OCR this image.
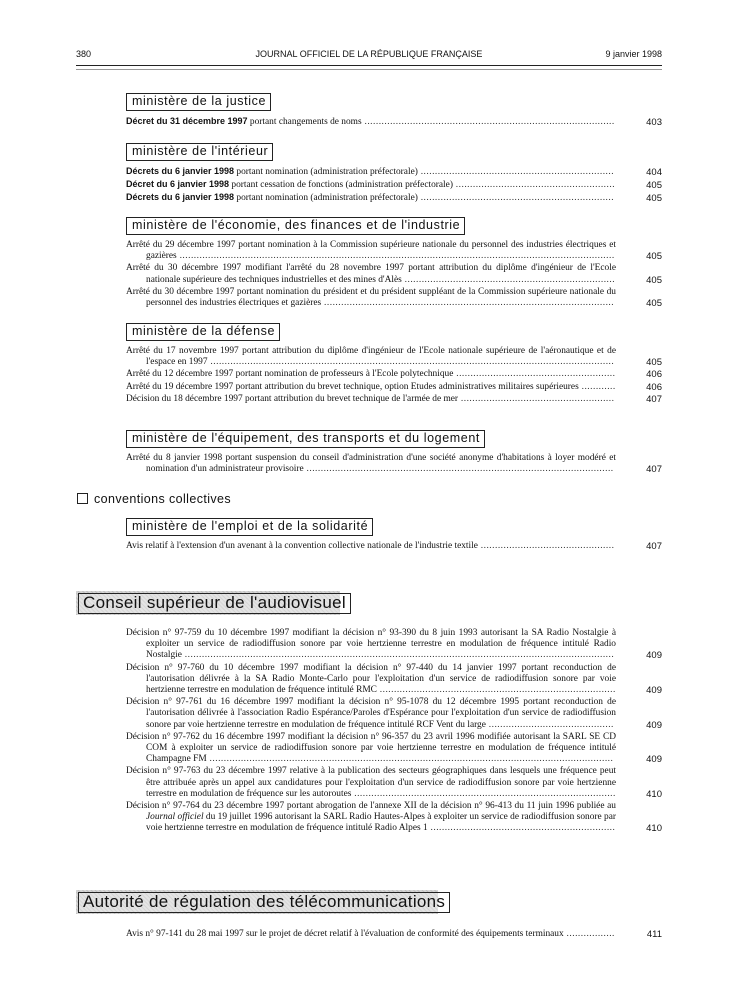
380	JOURNAL OFFICIEL DE LA RÉPUBLIQUE FRANÇAISE	9 janvier 1998
ministère de la justice
Décret du 31 décembre 1997 portant changements de noms ........................................................................................	403
ministère de l'intérieur
Décrets du 6 janvier 1998 portant nomination (administration préfectorale) ....................................................................	404
Décret du 6 janvier 1998 portant cessation de fonctions (administration préfectorale) ........................................................	405
Décrets du 6 janvier 1998 portant nomination (administration préfectorale) ....................................................................	405
ministère de l'économie, des finances et de l'industrie
Arrêté du 29 décembre 1997 portant nomination à la Commission supérieure nationale du personnel des industries électriques et gazières .........................................................................................................................................................	405
Arrêté du 30 décembre 1997 modifiant l'arrêté du 28 novembre 1997 portant attribution du diplôme d'ingénieur de l'Ecole nationale supérieure des techniques industrielles et des mines d'Alès ..........................................................................	405
Arrêté du 30 décembre 1997 portant nomination du président et du président suppléant de la Commission supérieure nationale du personnel des industries électriques et gazières ......................................................................................................	405
ministère de la défense
Arrêté du 17 novembre 1997 portant attribution du diplôme d'ingénieur de l'Ecole nationale supérieure de l'aéronautique et de l'espace en 1997 ..............................................................................................................................................	405
Arrêté du 12 décembre 1997 portant nomination de professeurs à l'Ecole polytechnique ........................................................	406
Arrêté du 19 décembre 1997 portant attribution du brevet technique, option Etudes administratives militaires supérieures ............	406
Décision du 18 décembre 1997 portant attribution du brevet technique de l'armée de mer ......................................................	407
ministère de l'équipement, des transports et du logement
Arrêté du 8 janvier 1998 portant suspension du conseil d'administration d'une société anonyme d'habitations à loyer modéré et nomination d'un administrateur provisoire ............................................................................................................	407
conventions collectives
ministère de l'emploi et de la solidarité
Avis relatif à l'extension d'un avenant à la convention collective nationale de l'industrie textile ...............................................	407
Conseil supérieur de l'audiovisuel
Décision n° 97-759 du 10 décembre 1997 modifiant la décision n° 93-390 du 8 juin 1993 autorisant la SA Radio Nostalgie à exploiter un service de radiodiffusion sonore par voie hertzienne terrestre en modulation de fréquence intitulé Radio Nostalgie .......................................................................................................................................................	409
Décision n° 97-760 du 10 décembre 1997 modifiant la décision n° 97-440 du 14 janvier 1997 portant reconduction de l'autorisation délivrée à la SA Radio Monte-Carlo pour l'exploitation d'un service de radiodiffusion sonore par voie hertzienne terrestre en modulation de fréquence intitulé RMC ...................................................................................	409
Décision n° 97-761 du 16 décembre 1997 modifiant la décision n° 95-1078 du 12 décembre 1995 portant reconduction de l'autorisation délivrée à l'association Radio Espérance/Paroles d'Espérance pour l'exploitation d'un service de radiodiffusion sonore par voie hertzienne terrestre en modulation de fréquence intitulé RCF Vent du large ............................................	409
Décision n° 97-762 du 16 décembre 1997 modifiant la décision n° 96-357 du 23 avril 1996 modifiée autorisant la SARL SE CD COM à exploiter un service de radiodiffusion sonore par voie hertzienne terrestre en modulation de fréquence intitulé Champagne FM ..............................................................................................................................................	409
Décision n° 97-763 du 23 décembre 1997 relative à la publication des secteurs géographiques dans lesquels une fréquence peut être attribuée après un appel aux candidatures pour l'exploitation d'un service de radiodiffusion sonore par voie hertzienne terrestre en modulation de fréquence sur les autoroutes ............................................................................................	410
Décision n° 97-764 du 23 décembre 1997 portant abrogation de l'annexe XII de la décision n° 96-413 du 11 juin 1996 publiée au Journal officiel du 19 juillet 1996 autorisant la SARL Radio Hautes-Alpes à exploiter un service de radiodiffusion sonore par voie hertzienne terrestre en modulation de fréquence intitulé Radio Alpes 1 .................................................................	410
Autorité de régulation des télécommunications
Avis n° 97-141 du 28 mai 1997 sur le projet de décret relatif à l'évaluation de conformité des équipements terminaux .................	411
